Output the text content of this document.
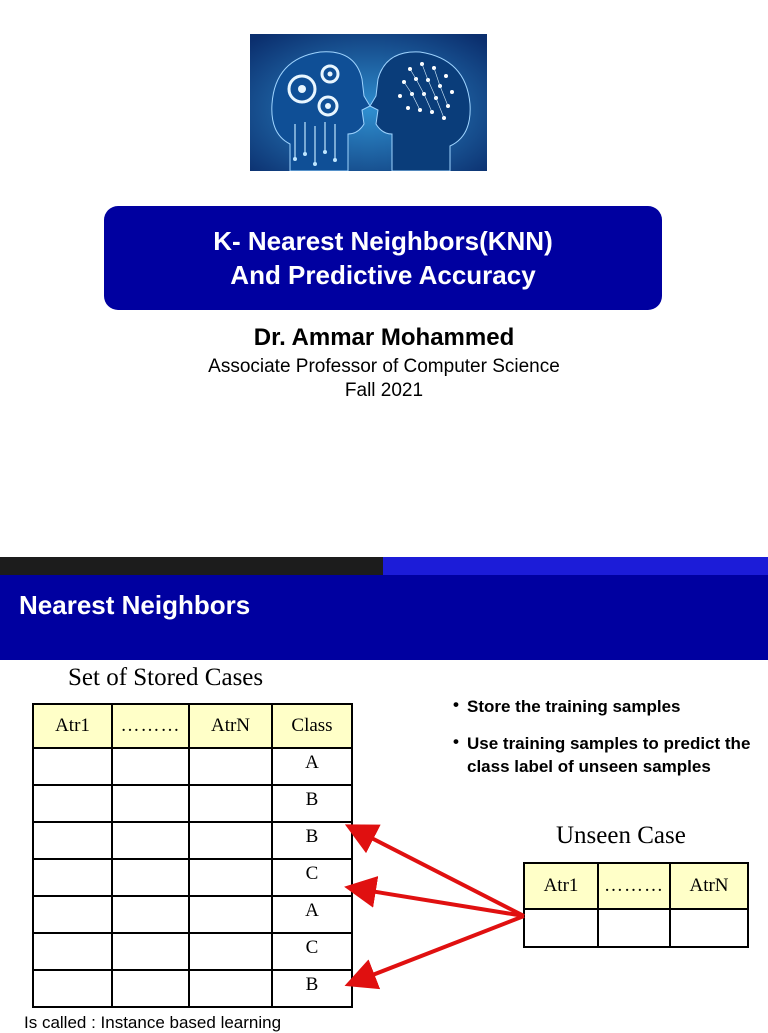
K- Nearest Neighbors(KNN)
And Predictive Accuracy
Dr. Ammar Mohammed
Associate Professor of Computer Science
Fall 2021
Nearest Neighbors
Set of Stored Cases
Atr1	………	AtrN	Class
			A
			B
			B
			C
			A
			C
			B
• Store the training samples
• Use training samples to predict the class label of unseen samples
Unseen Case
Atr1	………	AtrN

Is called : Instance based learning
